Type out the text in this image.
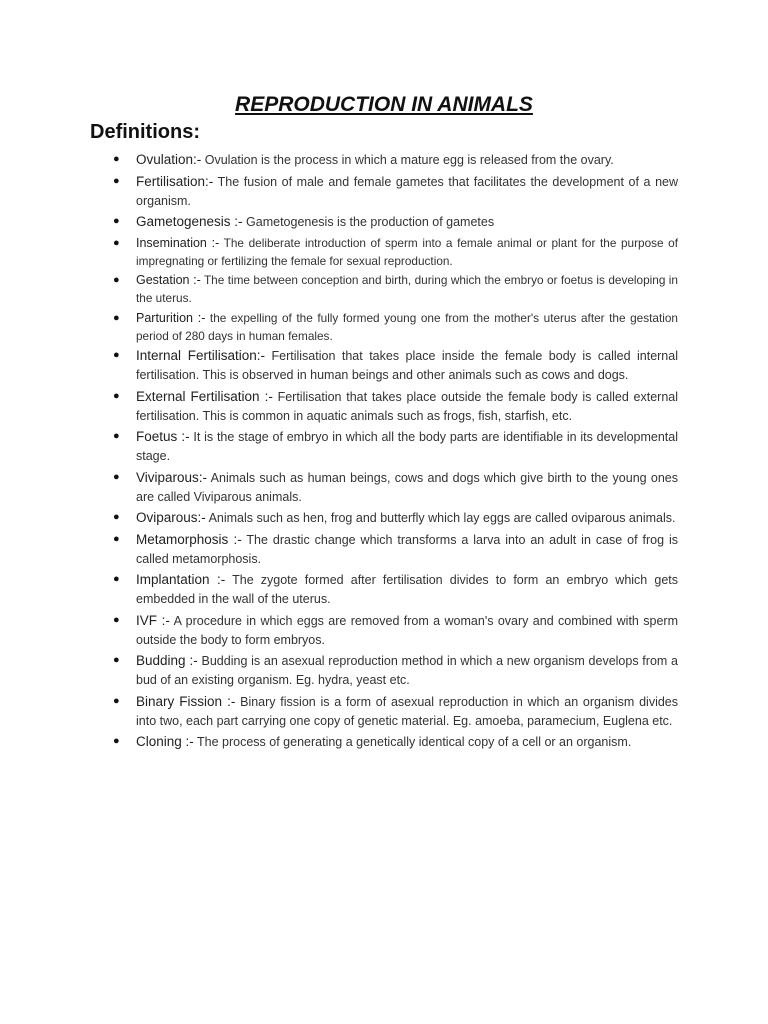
REPRODUCTION IN ANIMALS
Definitions:
● Ovulation:- Ovulation is the process in which a mature egg is released from the ovary.
● Fertilisation:- The fusion of male and female gametes that facilitates the development of a new organism.
● Gametogenesis :- Gametogenesis is the production of gametes
● Insemination :- The deliberate introduction of sperm into a female animal or plant for the purpose of impregnating or fertilizing the female for sexual reproduction.
● Gestation :- The time between conception and birth, during which the embryo or foetus is developing in the uterus.
● Parturition :- the expelling of the fully formed young one from the mother's uterus after the gestation period of 280 days in human females.
● Internal Fertilisation:- Fertilisation that takes place inside the female body is called internal fertilisation. This is observed in human beings and other animals such as cows and dogs.
● External Fertilisation :- Fertilisation that takes place outside the female body is called external fertilisation. This is common in aquatic animals such as frogs, fish, starfish, etc.
● Foetus :- It is the stage of embryo in which all the body parts are identifiable in its developmental stage.
● Viviparous:- Animals such as human beings, cows and dogs which give birth to the young ones are called Viviparous animals.
● Oviparous:- Animals such as hen, frog and butterfly which lay eggs are called oviparous animals.
● Metamorphosis :- The drastic change which transforms a larva into an adult in case of frog is called metamorphosis.
● Implantation :- The zygote formed after fertilisation divides to form an embryo which gets embedded in the wall of the uterus.
● IVF :- A procedure in which eggs are removed from a woman's ovary and combined with sperm outside the body to form embryos.
● Budding :- Budding is an asexual reproduction method in which a new organism develops from a bud of an existing organism. Eg. hydra, yeast etc.
● Binary Fission :- Binary fission is a form of asexual reproduction in which an organism divides into two, each part carrying one copy of genetic material. Eg. amoeba, paramecium, Euglena etc.
● Cloning :- The process of generating a genetically identical copy of a cell or an organism.
